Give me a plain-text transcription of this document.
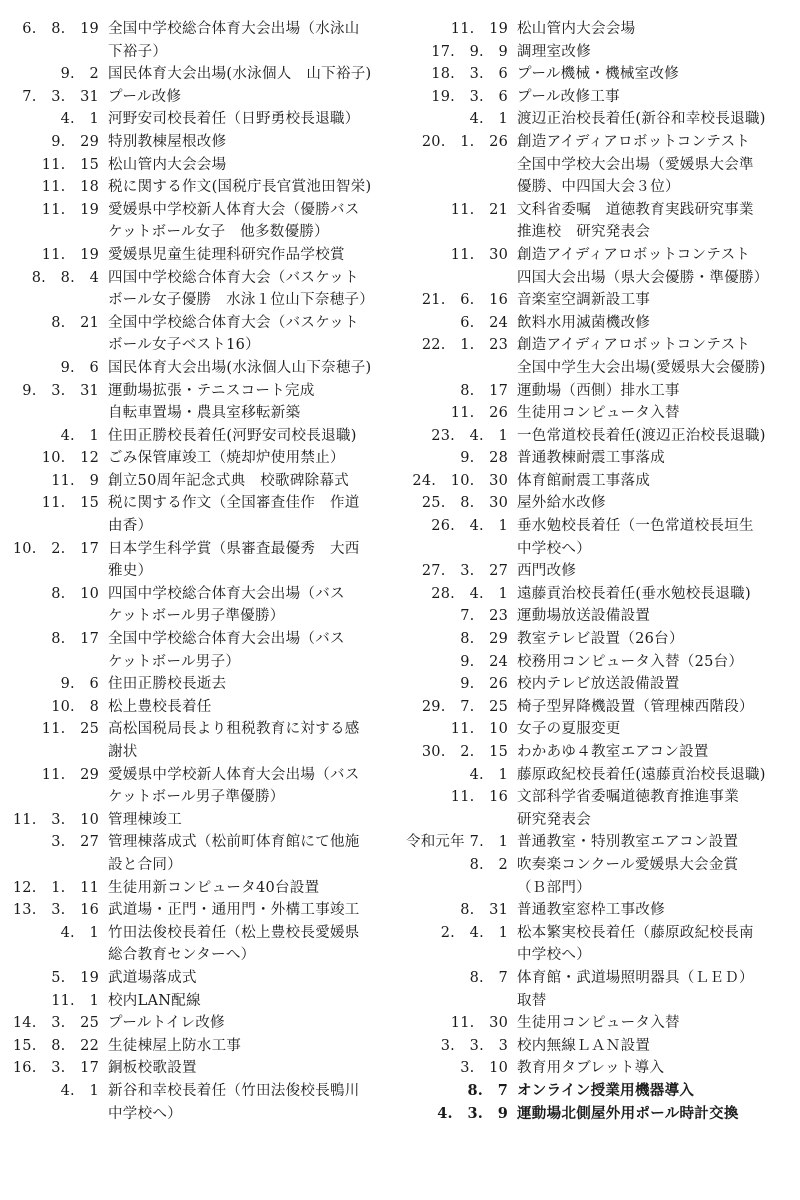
6.　8.　19 全国中学校総合体育大会出場（水泳山
下裕子）
9.　2 国民体育大会出場(水泳個人　山下裕子)
7.　3.　31 プール改修
4.　1 河野安司校長着任（日野勇校長退職）
9.　29 特別教棟屋根改修
11.　15 松山管内大会会場
11.　18 税に関する作文(国税庁長官賞池田智栄)
11.　19 愛媛県中学校新人体育大会（優勝バス
ケットボール女子　他多数優勝）
11.　19 愛媛県児童生徒理科研究作品学校賞
8.　8.　4 四国中学校総合体育大会（バスケット
ボール女子優勝　水泳１位山下奈穂子）
8.　21 全国中学校総合体育大会（バスケット
ボール女子ベスト16）
9.　6 国民体育大会出場(水泳個人山下奈穂子)
9.　3.　31 運動場拡張・テニスコート完成
自転車置場・農具室移転新築
4.　1 住田正勝校長着任(河野安司校長退職)
10.　12 ごみ保管庫竣工（焼却炉使用禁止）
11.　9 創立50周年記念式典　校歌碑除幕式
11.　15 税に関する作文（全国審査佳作　作道
由香）
10.　2.　17 日本学生科学賞（県審査最優秀　大西
雅史）
8.　10 四国中学校総合体育大会出場（バス
ケットボール男子準優勝）
8.　17 全国中学校総合体育大会出場（バス
ケットボール男子）
9.　6 住田正勝校長逝去
10.　8 松上豊校長着任
11.　25 高松国税局長より租税教育に対する感
謝状
11.　29 愛媛県中学校新人体育大会出場（バス
ケットボール男子準優勝）
11.　3.　10 管理棟竣工
3.　27 管理棟落成式（松前町体育館にて他施
設と合同）
12.　1.　11 生徒用新コンピュータ40台設置
13.　3.　16 武道場・正門・通用門・外構工事竣工
4.　1 竹田法俊校長着任（松上豊校長愛媛県
総合教育センターへ）
5.　19 武道場落成式
11.　1 校内LAN配線
14.　3.　25 プールトイレ改修
15.　8.　22 生徒棟屋上防水工事
16.　3.　17 銅板校歌設置
4.　1 新谷和幸校長着任（竹田法俊校長鴨川
中学校へ）
11.　19 松山管内大会会場
17.　9.　9 調理室改修
18.　3.　6 プール機械・機械室改修
19.　3.　6 プール改修工事
4.　1 渡辺正治校長着任(新谷和幸校長退職)
20.　1.　26 創造アイディアロボットコンテスト
全国中学校大会出場（愛媛県大会準
優勝、中四国大会３位）
11.　21 文科省委嘱　道徳教育実践研究事業
推進校　研究発表会
11.　30 創造アイディアロボットコンテスト
四国大会出場（県大会優勝・準優勝）
21.　6.　16 音楽室空調新設工事
6.　24 飲料水用滅菌機改修
22.　1.　23 創造アイディアロボットコンテスト
全国中学生大会出場(愛媛県大会優勝)
8.　17 運動場（西側）排水工事
11.　26 生徒用コンピュータ入替
23.　4.　1 一色常道校長着任(渡辺正治校長退職)
9.　28 普通教棟耐震工事落成
24.　10.　30 体育館耐震工事落成
25.　8.　30 屋外給水改修
26.　4.　1 垂水勉校長着任（一色常道校長垣生
中学校へ）
27.　3.　27 西門改修
28.　4.　1 遠藤貢治校長着任(垂水勉校長退職)
7.　23 運動場放送設備設置
8.　29 教室テレビ設置（26台）
9.　24 校務用コンピュータ入替（25台）
9.　26 校内テレビ放送設備設置
29.　7.　25 椅子型昇降機設置（管理棟西階段）
11.　10 女子の夏服変更
30.　2.　15 わかあゆ４教室エアコン設置
4.　1 藤原政紀校長着任(遠藤貢治校長退職)
11.　16 文部科学省委嘱道徳教育推進事業
研究発表会
令和元年 7.　1 普通教室・特別教室エアコン設置
8.　2 吹奏楽コンクール愛媛県大会金賞
（Ｂ部門）
8.　31 普通教室窓枠工事改修
2.　4.　1 松本繁実校長着任（藤原政紀校長南
中学校へ）
8.　7 体育館・武道場照明器具（ＬＥＤ）
取替
11.　30 生徒用コンピュータ入替
3.　3.　3 校内無線ＬＡＮ設置
3.　10 教育用タブレット導入
8.　7 オンライン授業用機器導入
4.　3.　9 運動場北側屋外用ポール時計交換
